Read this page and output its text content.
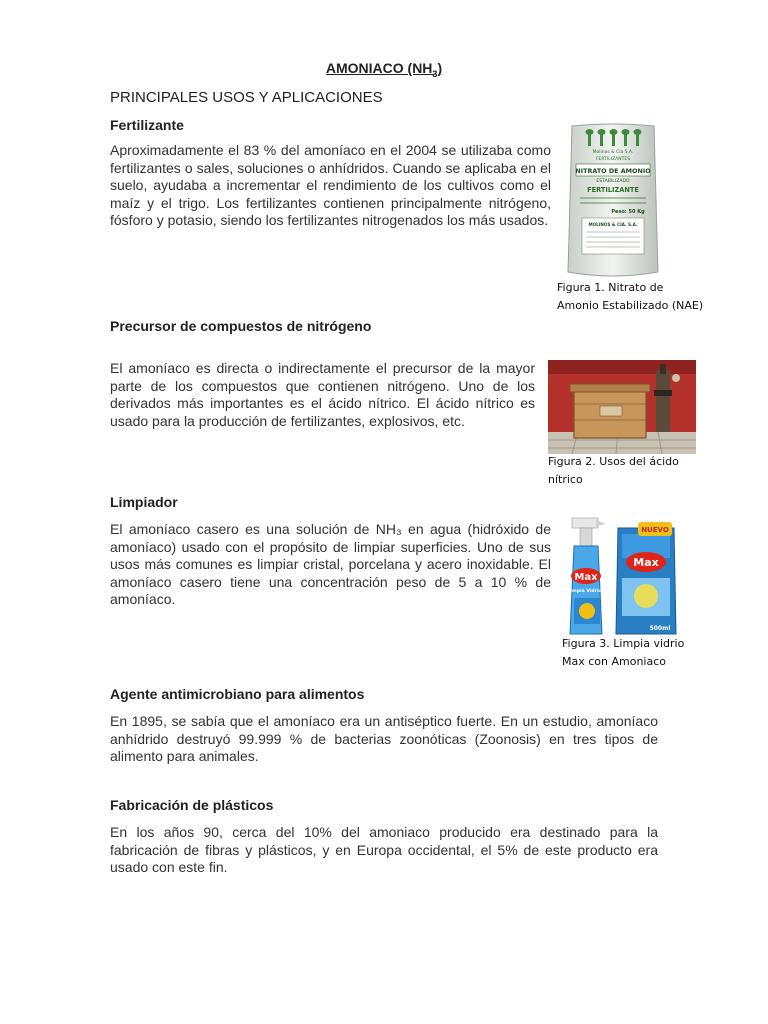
AMONIACO $(NH_3)$
PRINCIPALES USOS Y APLICACIONES
Fertilizante
Aproximadamente el 83 % del amoníaco en el 2004 se utilizaba como fertilizantes o sales, soluciones o anhídridos. Cuando se aplicaba en el suelo, ayudaba a incrementar el rendimiento de los cultivos como el maíz y el trigo. Los fertilizantes contienen principalmente nitrógeno, fósforo y potasio, siendo los fertilizantes nitrogenados los más usados.
Molinos & Cía S.A.
FERTILIZANTES
NITRATO DE AMONIO
ESTABILIZADO
FERTILIZANTE
Peso: 50 Kg
MOLINOS & CIA. S.A.
Figura 1. Nitrato de
Amonio Estabilizado (NAE)
Precursor de compuestos de nitrógeno
El amoníaco es directa o indirectamente el precursor de la mayor parte de los compuestos que contienen nitrógeno. Uno de los derivados más importantes es el ácido nítrico. El ácido nítrico es usado para la producción de fertilizantes, explosivos, etc.
Figura 2. Usos del ácido
nítrico
Limpiador
El amoníaco casero es una solución de NH₃ en agua (hidróxido de amoníaco) usado con el propósito de limpiar superficies. Uno de sus usos más comunes es limpiar cristal, porcelana y acero inoxidable. El amoníaco casero tiene una concentración peso de 5 a 10 % de amoníaco.
NUEVO
Max
500ml
Max
Limpia Vidrios
Figura 3. Limpia vidrio
Max con Amoniaco
Agente antimicrobiano para alimentos
En 1895, se sabía que el amoníaco era un antiséptico fuerte. En un estudio, amoníaco anhídrido destruyó 99.999 % de bacterias zoonóticas (Zoonosis) en tres tipos de alimento para animales.
Fabricación de plásticos
En los años 90, cerca del 10% del amoniaco producido era destinado para la fabricación de fibras y plásticos, y en Europa occidental, el 5% de este producto era usado con este fin.
